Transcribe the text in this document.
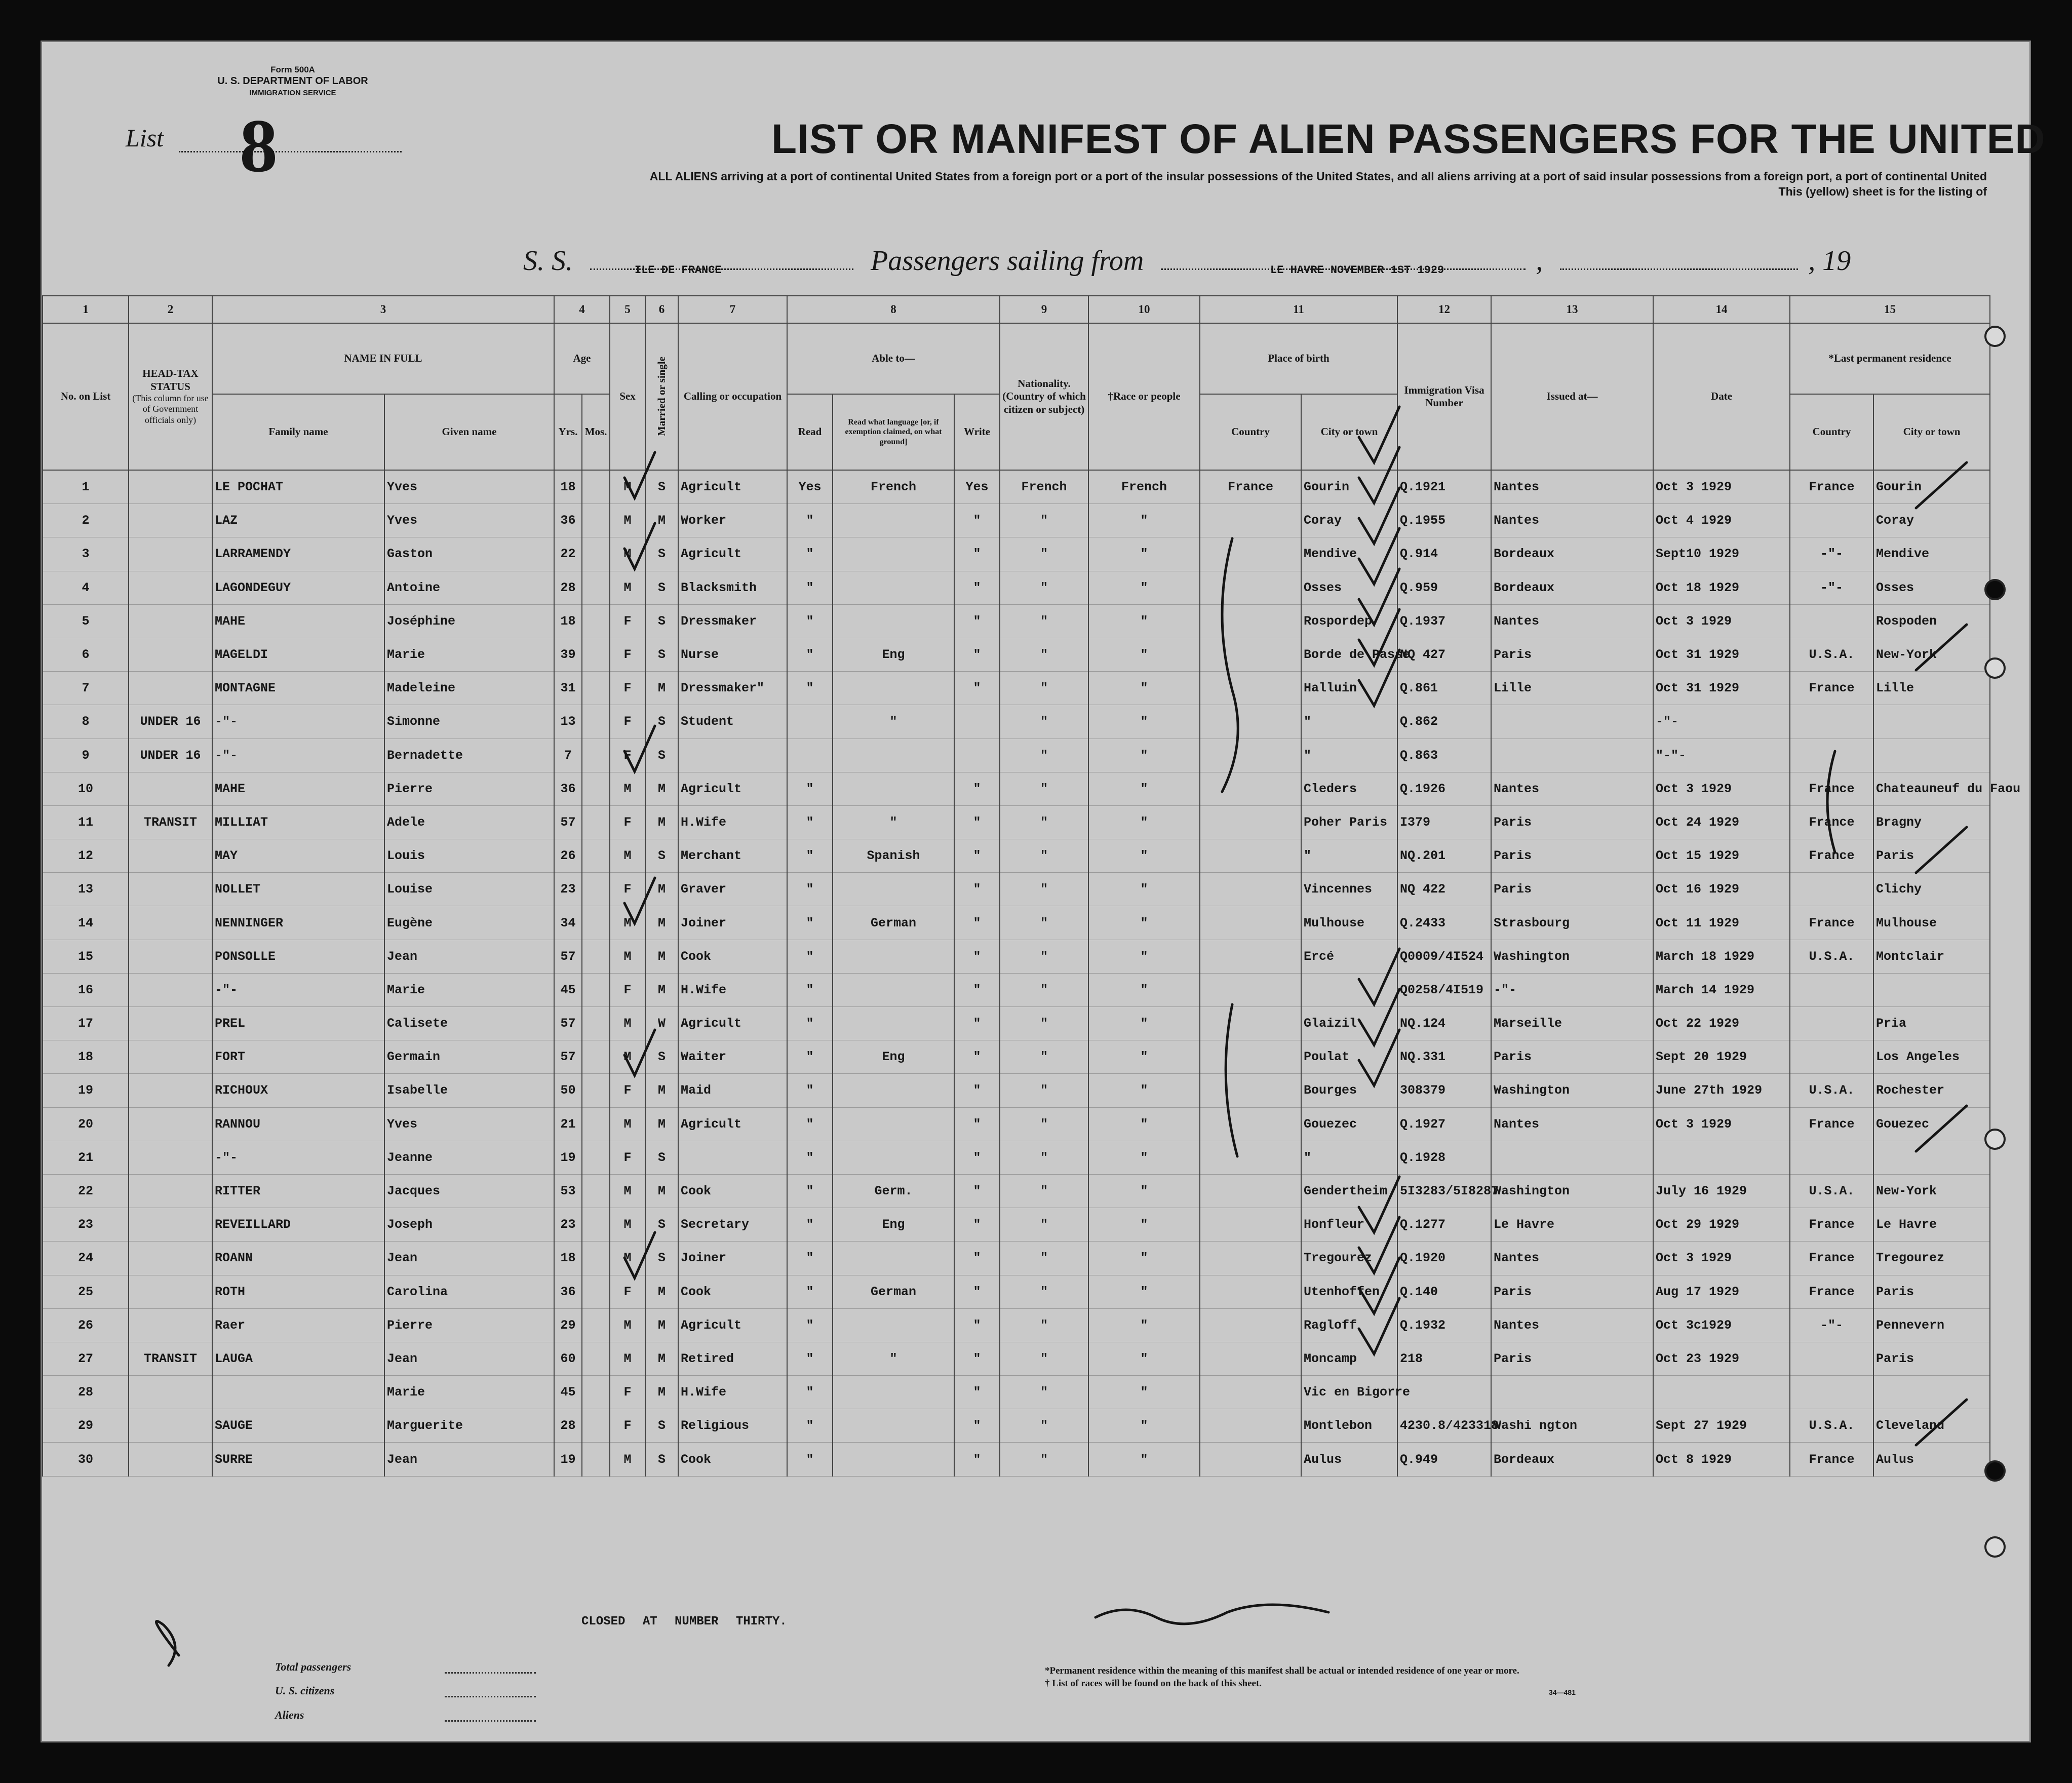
Form 500A
U. S. DEPARTMENT OF LABOR
IMMIGRATION SERVICE
List 8	LIST OR MANIFEST OF ALIEN PASSENGERS FOR THE UNITED
ALL ALIENS arriving at a port of continental United States from a foreign port or a port of the insular possessions of the United States, and all aliens arriving at a port of said insular possessions from a foreign port, a port of continental United
This (yellow) sheet is for the listing of
S. S.	Passengers sailing from	,	, 19
ILE DE FRANCE	LE HAVRE NOVEMBER 1ST 1929
1	2	3		4		5	6	7	8			9	10	11		12	13	14	15	
No. on List	HEAD-TAX STATUS
(This column for use of Government officials only)	NAME IN FULL		Age		Sex	Married or single	Calling or occupation	Able to—			Nationality. (Country of which citizen or subject)	†Race or people	Place of birth		Immigration Visa Number	Issued at—	Date	*Last permanent residence	
		Family name	Given name	Yrs.	Mos.				Read	Read what language [or, if exemption claimed, on what ground]	Write			Country	City or town				Country	City or town
1		LE POCHAT	Yves	18		M	S	Agricult	Yes	French	Yes	French	French	France	Gourin	Q.1921	Nantes	Oct 3 1929	France	Gourin
2		LAZ	Yves	36		M	M	Worker	"		"	"	"		Coray	Q.1955	Nantes	Oct 4 1929		Coray
3		LARRAMENDY	Gaston	22		M	S	Agricult	"		"	"	"		Mendive	Q.914	Bordeaux	Sept10 1929	-"-	Mendive
4		LAGONDEGUY	Antoine	28		M	S	Blacksmith	"		"	"	"		Osses	Q.959	Bordeaux	Oct 18 1929	-"-	Osses
5		MAHE	Joséphine	18		F	S	Dressmaker	"		"	"	"		Rospordep	Q.1937	Nantes	Oct 3 1929		Rospoden
6		MAGELDI	Marie	39		F	S	Nurse	"	Eng	"	"	"		Borde de Passe	NQ 427	Paris	Oct 31 1929	U.S.A.	New-York
7		MONTAGNE	Madeleine	31		F	M	Dressmaker"	"		"	"	"		Halluin	Q.861	Lille	Oct 31 1929	France	Lille
8	UNDER 16	-"-	Simonne	13		F	S	Student		"		"	"		"	Q.862		-"-		
9	UNDER 16	-"-	Bernadette	7		F	S					"	"		"	Q.863		"-"-		
10		MAHE	Pierre	36		M	M	Agricult	"		"	"	"		Cleders	Q.1926	Nantes	Oct 3 1929	France	Chateauneuf du Faou
11	TRANSIT	MILLIAT	Adele	57		F	M	H.Wife	"	"	"	"	"		Poher Paris	I379	Paris	Oct 24 1929	France	Bragny
12		MAY	Louis	26		M	S	Merchant	"	Spanish	"	"	"		"	NQ.201	Paris	Oct 15 1929	France	Paris
13		NOLLET	Louise	23		F	M	Graver	"		"	"	"		Vincennes	NQ 422	Paris	Oct 16 1929		Clichy
14		NENNINGER	Eugène	34		M	M	Joiner	"	German	"	"	"		Mulhouse	Q.2433	Strasbourg	Oct 11 1929	France	Mulhouse
15		PONSOLLE	Jean	57		M	M	Cook	"		"	"	"		Ercé	Q0009/4I524	Washington	March 18 1929	U.S.A.	Montclair
16		-"-	Marie	45		F	M	H.Wife	"		"	"	"			Q0258/4I519	-"-	March 14 1929		
17		PREL	Calisete	57		M	W	Agricult	"		"	"	"		Glaizil	NQ.124	Marseille	Oct 22 1929		Pria
18		FORT	Germain	57		M	S	Waiter	"	Eng	"	"	"		Poulat	NQ.331	Paris	Sept 20 1929		Los Angeles
19		RICHOUX	Isabelle	50		F	M	Maid	"		"	"	"		Bourges	308379	Washington	June 27th 1929	U.S.A.	Rochester
20		RANNOU	Yves	21		M	M	Agricult	"		"	"	"		Gouezec	Q.1927	Nantes	Oct 3 1929	France	Gouezec
21		-"-	Jeanne	19		F	S		"		"	"	"		"	Q.1928				
22		RITTER	Jacques	53		M	M	Cook	"	Germ.	"	"	"		Gendertheim	5I3283/5I8287	Washington	July 16 1929	U.S.A.	New-York
23		REVEILLARD	Joseph	23		M	S	Secretary	"	Eng	"	"	"		Honfleur	Q.1277	Le Havre	Oct 29 1929	France	Le Havre
24		ROANN	Jean	18		M	S	Joiner	"		"	"	"		Tregourez	Q.1920	Nantes	Oct 3 1929	France	Tregourez
25		ROTH	Carolina	36		F	M	Cook	"	German	"	"	"		Utenhoffen	Q.140	Paris	Aug 17 1929	France	Paris
26		Raer	Pierre	29		M	M	Agricult	"		"	"	"		Ragloff	Q.1932	Nantes	Oct 3c1929	-"-	Pennevern
27	TRANSIT	LAUGA	Jean	60		M	M	Retired	"	"	"	"	"		Moncamp	218	Paris	Oct 23 1929		Paris
28			Marie	45		F	M	H.Wife	"		"	"	"		Vic en Bigorre					
29		SAUGE	Marguerite	28		F	S	Religious	"		"	"	"		Montlebon	4230.8/423318	Washi ngton	Sept 27 1929	U.S.A.	Cleveland
30		SURRE	Jean	19		M	S	Cook	"		"	"	"		Aulus	Q.949	Bordeaux	Oct 8 1929	France	Aulus
CLOSED AT NUMBER THIRTY.
Total passengers
U. S. citizens
Aliens
*Permanent residence within the meaning of this manifest shall be actual or intended residence of one year or more.
† List of races will be found on the back of this sheet.
34—481
